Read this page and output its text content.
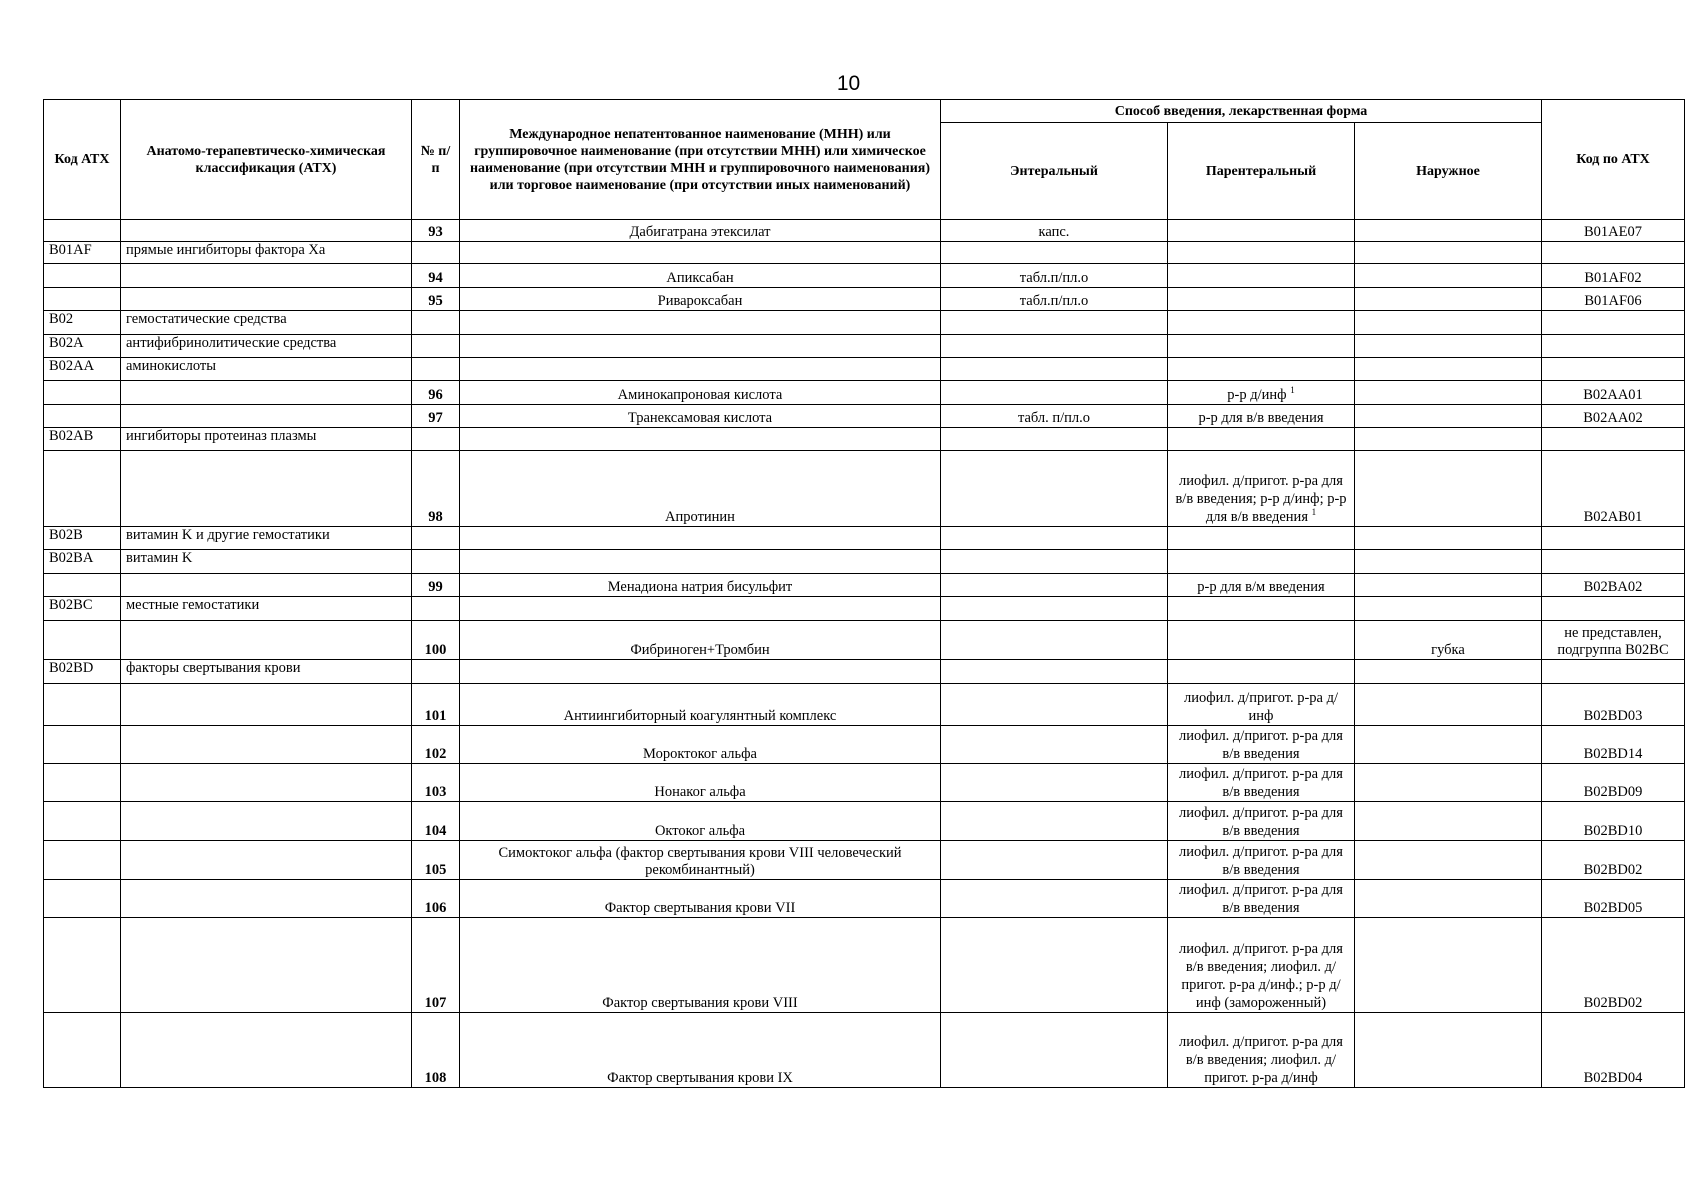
10
Код АТХ	Анатомо-терапевтическо-химическая классификация (АТХ)	№ п/п	Международное непатентованное наименование (МНН) или группировочное наименование (при отсутствии МНН) или химическое наименование (при отсутствии МНН и группировочного наименования) или торговое наименование (при отсутствии иных наименований)	Способ введения, лекарственная форма			Код по АТХ
				Энтеральный	Парентеральный	Наружное	
		93	Дабигатрана этексилат	капс.			B01AE07
B01AF	прямые ингибиторы фактора Xa						
		94	Апиксабан	табл.п/пл.о			B01AF02
		95	Ривароксабан	табл.п/пл.о			B01AF06
B02	гемостатические средства						
B02A	антифибринолитические средства						
B02AA	аминокислоты						
		96	Аминокапроновая кислота		р-р д/инф $^1$		B02AA01
		97	Транексамовая кислота	табл. п/пл.о	р-р для в/в введения		B02AA02
B02AB	ингибиторы протеиназ плазмы						
		98	Апротинин		лиофил. д/пригот. р-ра для в/в введения; р-р д/инф; р-р для в/в введения $^1$		B02AB01
B02B	витамин K и другие гемостатики						
B02BA	витамин K						
		99	Менадиона натрия бисульфит		р-р для в/м введения		B02BA02
B02BC	местные гемостатики						
		100	Фибриноген+Тромбин			губка	не представлен, подгруппа B02BC
B02BD	факторы свертывания крови						
		101	Антиингибиторный коагулянтный комплекс		лиофил. д/пригот. р-ра д/инф		B02BD03
		102	Мороктоког альфа		лиофил. д/пригот. р-ра для в/в введения		B02BD14
		103	Нонаког альфа		лиофил. д/пригот. р-ра для в/в введения		B02BD09
		104	Октоког альфа		лиофил. д/пригот. р-ра для в/в введения		B02BD10
		105	Симоктоког альфа (фактор свертывания крови VIII человеческий рекомбинантный)		лиофил. д/пригот. р-ра для в/в введения		B02BD02
		106	Фактор свертывания крови VII		лиофил. д/пригот. р-ра для в/в введения		B02BD05
		107	Фактор свертывания крови VIII		лиофил. д/пригот. р-ра для в/в введения; лиофил. д/пригот. р-ра д/инф.; р-р д/инф (замороженный)		B02BD02
		108	Фактор свертывания крови IX		лиофил. д/пригот. р-ра для в/в введения; лиофил. д/пригот. р-ра д/инф		B02BD04
